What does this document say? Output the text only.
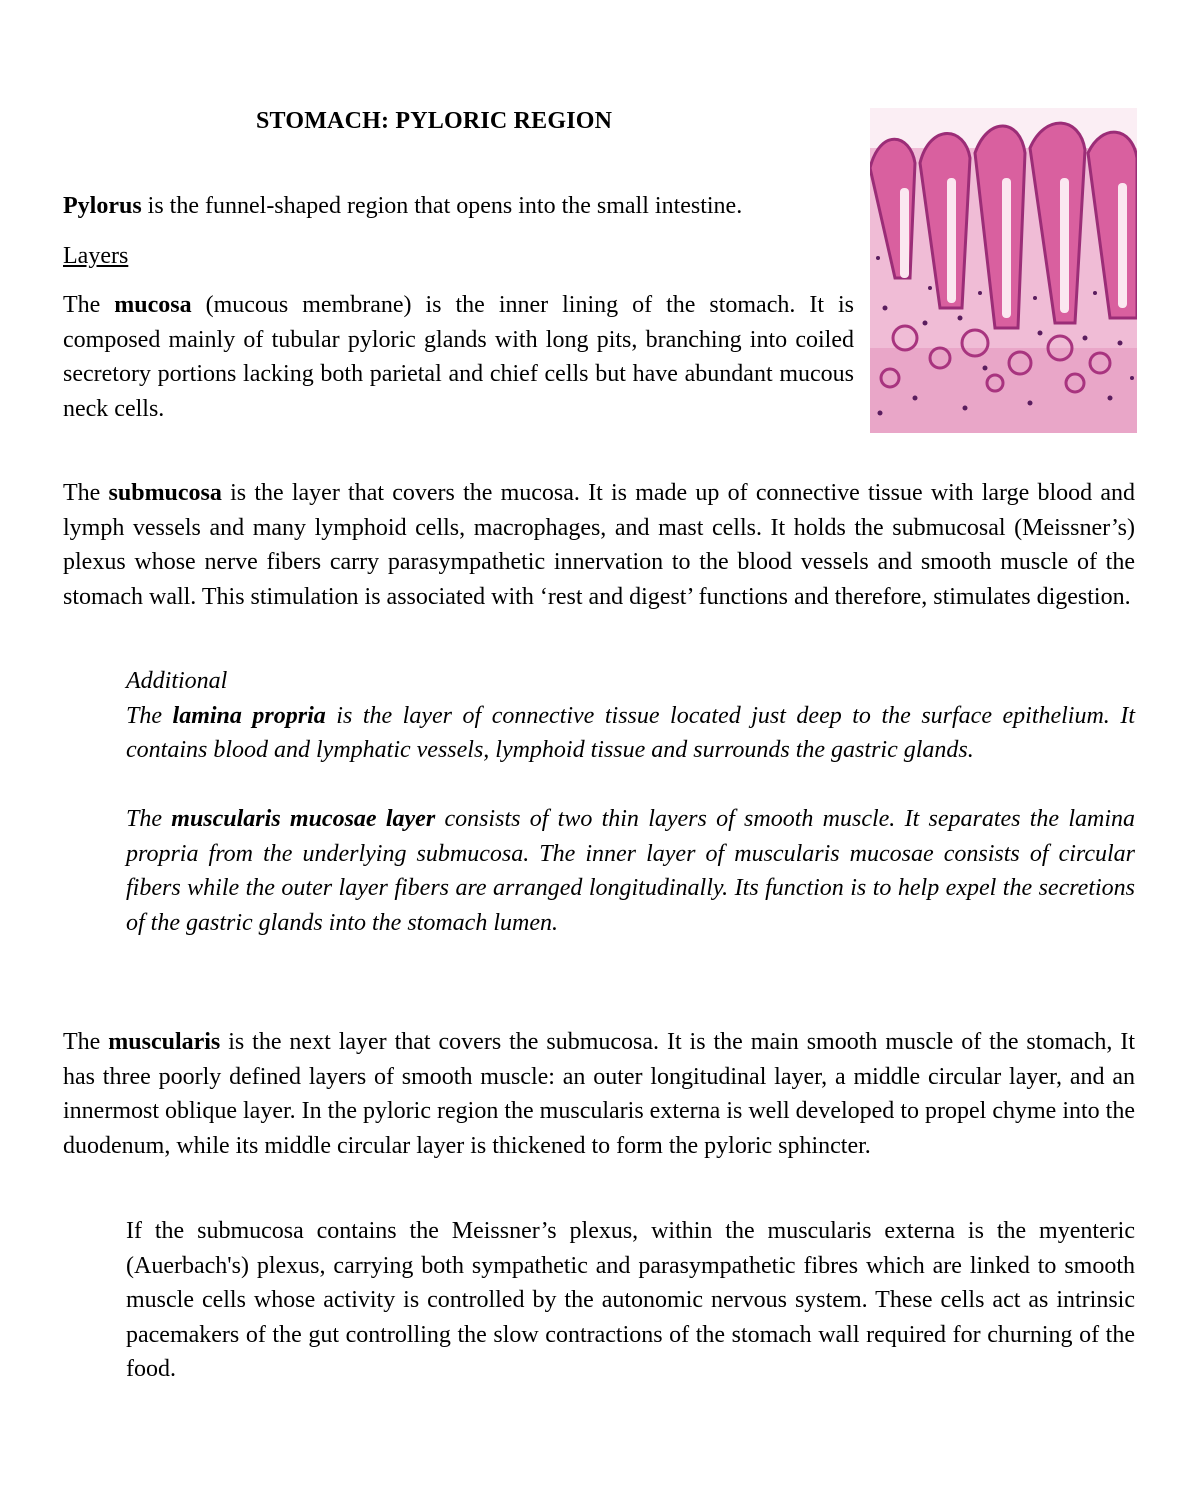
STOMACH: PYLORIC REGION

Pylorus is the funnel-shaped region that opens into the small intestine.

Layers

The mucosa (mucous membrane) is the inner lining of the stomach. It is composed mainly of tubular pyloric glands with long pits, branching into coiled secretory portions lacking both parietal and chief cells but have abundant mucous neck cells.

The submucosa is the layer that covers the mucosa. It is made up of connective tissue with large blood and lymph vessels and many lymphoid cells, macrophages, and mast cells. It holds the submucosal (Meissner’s) plexus whose nerve fibers carry parasympathetic innervation to the blood vessels and smooth muscle of the stomach wall. This stimulation is associated with ‘rest and digest’ functions and therefore, stimulates digestion.

Additional

The lamina propria is the layer of connective tissue located just deep to the surface epithelium. It contains blood and lymphatic vessels, lymphoid tissue and surrounds the gastric glands.

The muscularis mucosae layer consists of two thin layers of smooth muscle. It separates the lamina propria from the underlying submucosa. The inner layer of muscularis mucosae consists of circular fibers while the outer layer fibers are arranged longitudinally. Its function is to help expel the secretions of the gastric glands into the stomach lumen.

The muscularis is the next layer that covers the submucosa. It is the main smooth muscle of the stomach, It has three poorly defined layers of smooth muscle: an outer longitudinal layer, a middle circular layer, and an innermost oblique layer. In the pyloric region the muscularis externa is well developed to propel chyme into the duodenum, while its middle circular layer is thickened to form the pyloric sphincter.

If the submucosa contains the Meissner’s plexus, within the muscularis externa is the myenteric (Auerbach's) plexus, carrying both sympathetic and parasympathetic fibres which are linked to smooth muscle cells whose activity is controlled by the autonomic nervous system. These cells act as intrinsic pacemakers of the gut controlling the slow contractions of the stomach wall required for churning of the food.
